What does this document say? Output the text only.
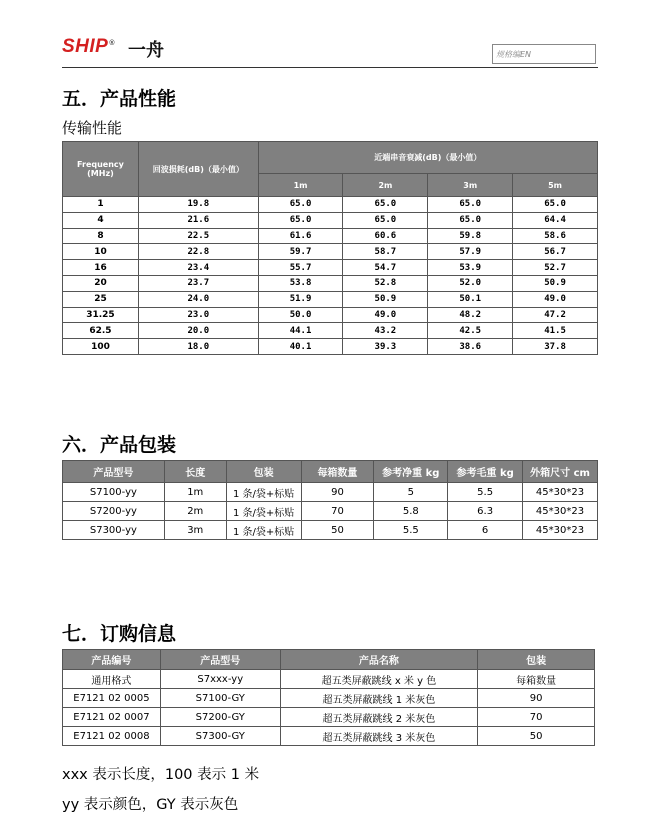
SHIP® 一舟	规格编EN
五．产品性能
传输性能
Frequency
(MHz)	回波损耗(dB)（最小值）	近端串音衰减(dB)（最小值）			
		1m	2m	3m	5m
1	19.8	65.0	65.0	65.0	65.0
4	21.6	65.0	65.0	65.0	64.4
8	22.5	61.6	60.6	59.8	58.6
10	22.8	59.7	58.7	57.9	56.7
16	23.4	55.7	54.7	53.9	52.7
20	23.7	53.8	52.8	52.0	50.9
25	24.0	51.9	50.9	50.1	49.0
31.25	23.0	50.0	49.0	48.2	47.2
62.5	20.0	44.1	43.2	42.5	41.5
100	18.0	40.1	39.3	38.6	37.8
六．产品包装
产品型号	长度	包装	每箱数量	参考净重 kg	参考毛重 kg	外箱尺寸 cm
S7100-yy	1m	1 条/袋+标贴	90	5	5.5	45*30*23
S7200-yy	2m	1 条/袋+标贴	70	5.8	6.3	45*30*23
S7300-yy	3m	1 条/袋+标贴	50	5.5	6	45*30*23
七．订购信息
产品编号	产品型号	产品名称	包装
通用格式	S7xxx-yy	超五类屏蔽跳线 x 米 y 色	每箱数量
E7121 02 0005	S7100-GY	超五类屏蔽跳线 1 米灰色	90
E7121 02 0007	S7200-GY	超五类屏蔽跳线 2 米灰色	70
E7121 02 0008	S7300-GY	超五类屏蔽跳线 3 米灰色	50
xxx 表示长度，100 表示 1 米
yy 表示颜色，GY 表示灰色
